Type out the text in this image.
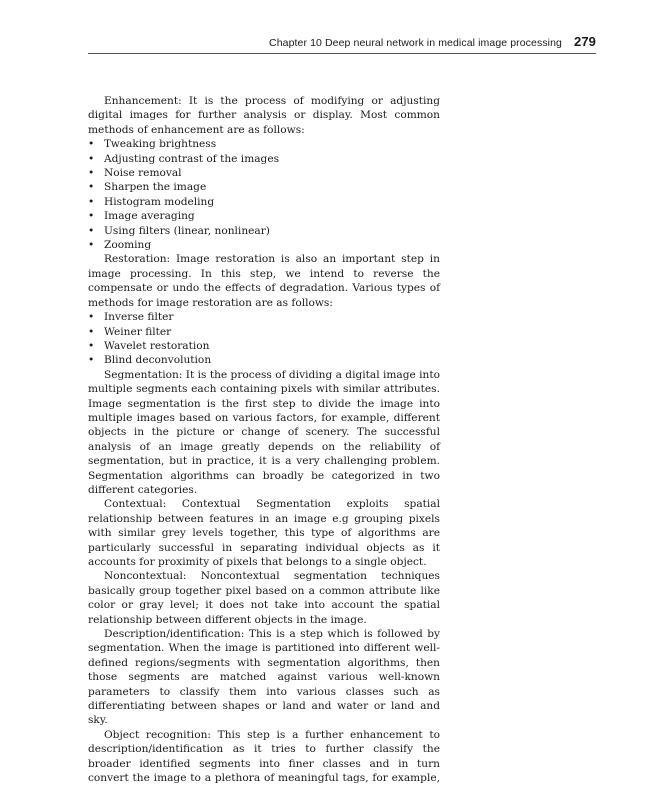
Chapter 10 Deep neural network in medical image processing 279

Enhancement: It is the process of modifying or adjusting digital images for further analysis or display. Most common methods of enhancement are as follows:

• Tweaking brightness
• Adjusting contrast of the images
• Noise removal
• Sharpen the image
• Histogram modeling
• Image averaging
• Using filters (linear, nonlinear)
• Zooming

Restoration: Image restoration is also an important step in image processing. In this step, we intend to reverse the compensate or undo the effects of degradation. Various types of methods for image restoration are as follows:

• Inverse filter
• Weiner filter
• Wavelet restoration
• Blind deconvolution

Segmentation: It is the process of dividing a digital image into multiple segments each containing pixels with similar attributes. Image segmentation is the first step to divide the image into multiple images based on various factors, for example, different objects in the picture or change of scenery. The successful analysis of an image greatly depends on the reliability of segmentation, but in practice, it is a very challenging problem. Segmentation algorithms can broadly be categorized in two different categories.

Contextual: Contextual Segmentation exploits spatial relationship between features in an image e.g grouping pixels with similar grey levels together, this type of algorithms are particularly successful in separating individual objects as it accounts for proximity of pixels that belongs to a single object.

Noncontextual: Noncontextual segmentation techniques basically group together pixel based on a common attribute like color or gray level; it does not take into account the spatial relationship between different objects in the image.

Description/identification: This is a step which is followed by segmentation. When the image is partitioned into different well-defined regions/segments with segmentation algorithms, then those segments are matched against various well-known parameters to classify them into various classes such as differentiating between shapes or land and water or land and sky.

Object recognition: This step is a further enhancement to description/identification as it tries to further classify the broader identified segments into finer classes and in turn convert the image to a plethora of meaningful tags, for example,
